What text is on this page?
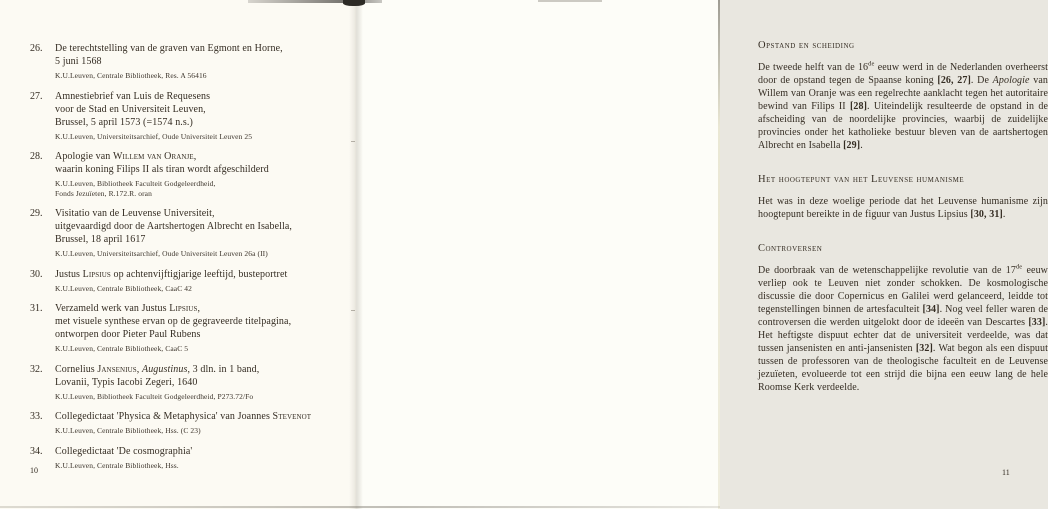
26.	De terechtstelling van de graven van Egmont en Horne,
5 juni 1568
K.U.Leuven, Centrale Bibliotheek, Res. A 56416
27.	Amnestiebrief van Luis de Requesens
voor de Stad en Universiteit Leuven,
Brussel, 5 april 1573 (=1574 n.s.)
K.U.Leuven, Universiteitsarchief, Oude Universiteit Leuven 25
28.	Apologie van Willem van Oranje,
waarin koning Filips II als tiran wordt afgeschilderd
K.U.Leuven, Bibliotheek Faculteit Godgeleerdheid,
Fonds Jezuïeten, R.172.R. oran
29.	Visitatio van de Leuvense Universiteit,
uitgevaardigd door de Aartshertogen Albrecht en Isabella,
Brussel, 18 april 1617
K.U.Leuven, Universiteitsarchief, Oude Universiteit Leuven 26a (II)
30.	Justus Lipsius op achtenvijftigjarige leeftijd, busteportret
K.U.Leuven, Centrale Bibliotheek, CaaC 42
31.	Verzameld werk van Justus Lipsius,
met visuele synthese ervan op de gegraveerde titelpagina,
ontworpen door Pieter Paul Rubens
K.U.Leuven, Centrale Bibliotheek, CaaC 5
32.	Cornelius Jansenius, Augustinus, 3 dln. in 1 band,
Lovanii, Typis Iacobi Zegeri, 1640
K.U.Leuven, Bibliotheek Faculteit Godgeleerdheid, P273.72/Fo
33.	Collegedictaat 'Physica & Metaphysica' van Joannes Stevenot
K.U.Leuven, Centrale Bibliotheek, Hss. (C 23)
34.	Collegedictaat 'De cosmographia'
K.U.Leuven, Centrale Bibliotheek, Hss.
10
Opstand en scheiding

De tweede helft van de 16de eeuw werd in de Nederlanden overheerst door de opstand tegen de Spaanse koning [26, 27]. De Apologie van Willem van Oranje was een regelrechte aanklacht tegen het autoritaire bewind van Filips II [28]. Uiteindelijk resulteerde de opstand in de afscheiding van de noordelijke provincies, waarbij de zuidelijke provincies onder het katholieke bestuur bleven van de aartshertogen Albrecht en Isabella [29].

Het hoogtepunt van het Leuvense humanisme

Het was in deze woelige periode dat het Leuvense humanisme zijn hoogtepunt bereikte in de figuur van Justus Lipsius [30, 31].

Controversen

De doorbraak van de wetenschappelijke revolutie van de 17de eeuw verliep ook te Leuven niet zonder schokken. De kosmologische discussie die door Copernicus en Galilei werd gelanceerd, leidde tot tegenstellingen binnen de artesfaculteit [34]. Nog veel feller waren de controversen die werden uitgelokt door de ideeën van Descartes [33]. Het heftigste dispuut echter dat de universiteit verdeelde, was dat tussen jansenisten en anti-jansenisten [32]. Wat begon als een dispuut tussen de professoren van de theologische faculteit en de Leuvense jezuïeten, evolueerde tot een strijd die bijna een eeuw lang de hele Roomse Kerk verdeelde.

11
